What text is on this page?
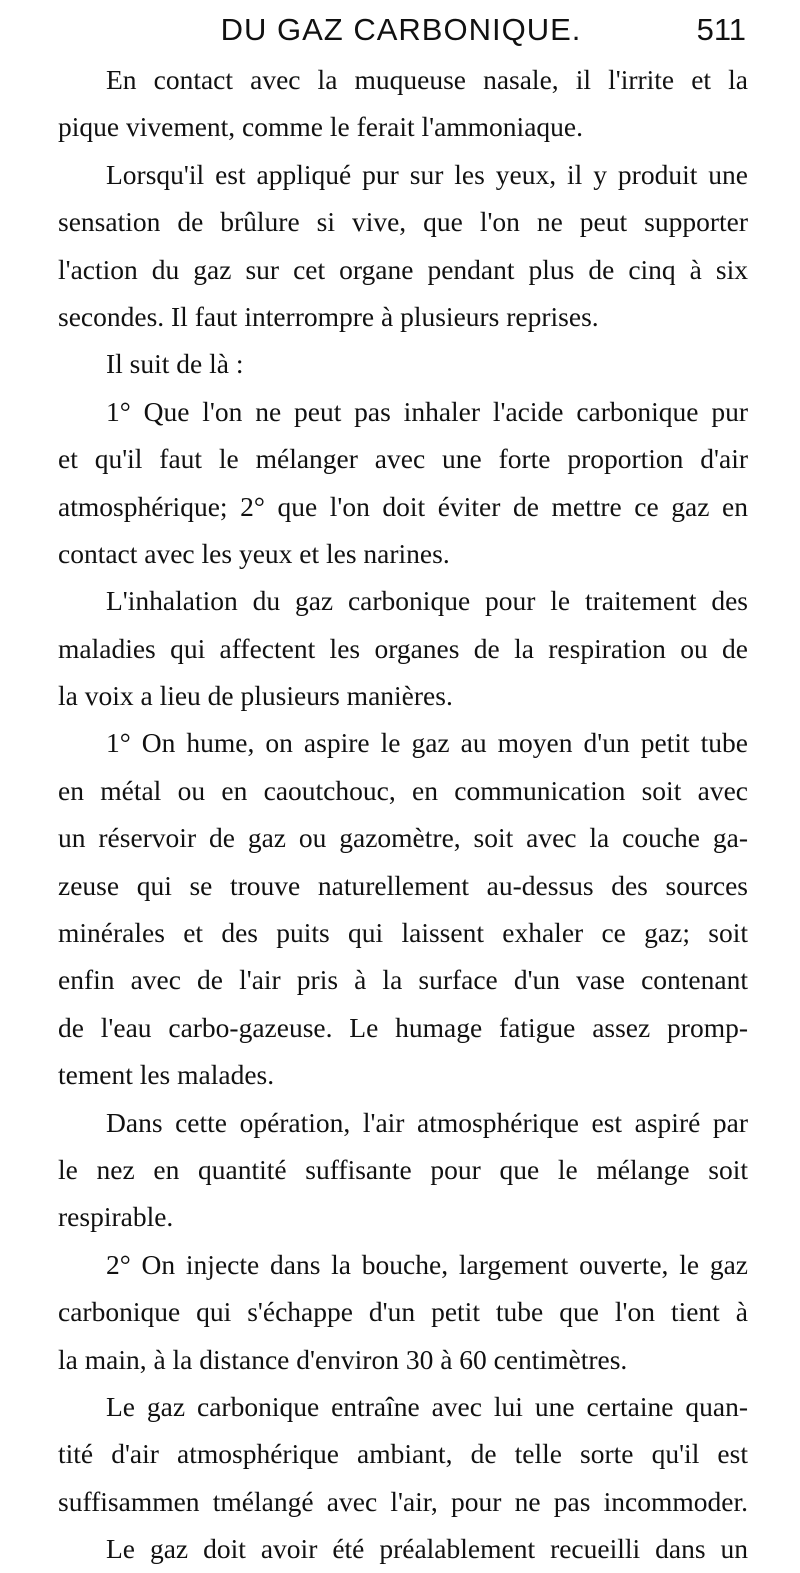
DU GAZ CARBONIQUE.	511
En contact avec la muqueuse nasale, il l'irrite et la
pique vivement, comme le ferait l'ammoniaque.
Lorsqu'il est appliqué pur sur les yeux, il y produit une
sensation de brûlure si vive, que l'on ne peut supporter
l'action du gaz sur cet organe pendant plus de cinq à six
secondes. Il faut interrompre à plusieurs reprises.
Il suit de là :
1° Que l'on ne peut pas inhaler l'acide carbonique pur
et qu'il faut le mélanger avec une forte proportion d'air
atmosphérique; 2° que l'on doit éviter de mettre ce gaz en
contact avec les yeux et les narines.
L'inhalation du gaz carbonique pour le traitement des
maladies qui affectent les organes de la respiration ou de
la voix a lieu de plusieurs manières.
1° On hume, on aspire le gaz au moyen d'un petit tube
en métal ou en caoutchouc, en communication soit avec
un réservoir de gaz ou gazomètre, soit avec la couche ga-
zeuse qui se trouve naturellement au-dessus des sources
minérales et des puits qui laissent exhaler ce gaz; soit
enfin avec de l'air pris à la surface d'un vase contenant
de l'eau carbo-gazeuse. Le humage fatigue assez promp-
tement les malades.
Dans cette opération, l'air atmosphérique est aspiré par
le nez en quantité suffisante pour que le mélange soit
respirable.
2° On injecte dans la bouche, largement ouverte, le gaz
carbonique qui s'échappe d'un petit tube que l'on tient à
la main, à la distance d'environ 30 à 60 centimètres.
Le gaz carbonique entraîne avec lui une certaine quan-
tité d'air atmosphérique ambiant, de telle sorte qu'il est
suffisammen tmélangé avec l'air, pour ne pas incommoder.
Le gaz doit avoir été préalablement recueilli dans un
